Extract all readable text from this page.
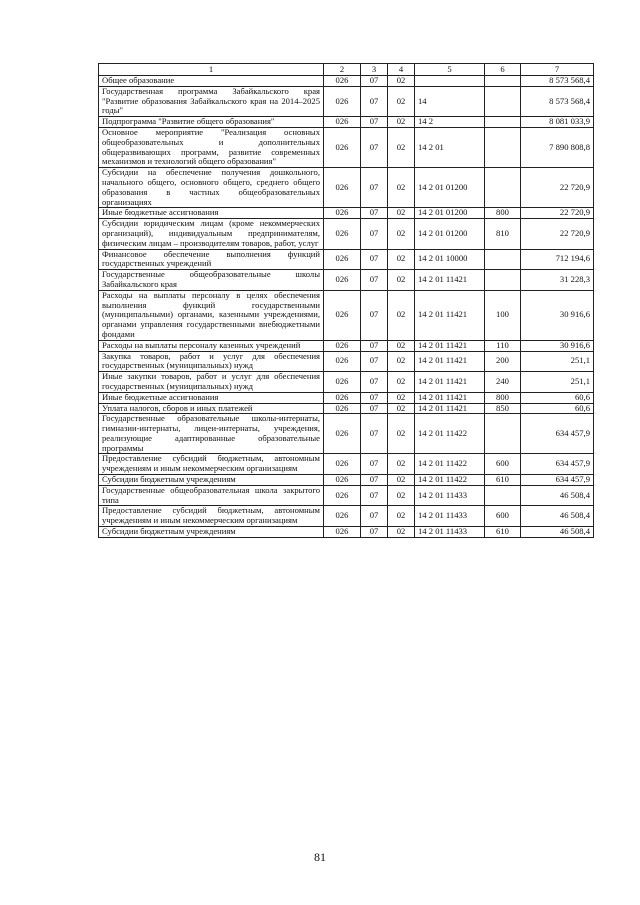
1	2	3	4	5	6	7
Общее образование	026	07	02			8 573 568,4
Государственная программа Забайкальского края "Развитие образования Забайкальского края на 2014–2025 годы"	026	07	02	14		8 573 568,4
Подпрограмма "Развитие общего образования"	026	07	02	14 2		8 081 033,9
Основное мероприятие "Реализация основных общеобразовательных и дополнительных общеразвивающих программ, развитие современных механизмов и технологий общего образования"	026	07	02	14 2 01		7 890 808,8
Субсидии на обеспечение получения дошкольного, начального общего, основного общего, среднего общего образования в частных общеобразовательных организациях	026	07	02	14 2 01 01200		22 720,9
Иные бюджетные ассигнования	026	07	02	14 2 01 01200	800	22 720,9
Субсидии юридическим лицам (кроме некоммерческих организаций), индивидуальным предпринимателям, физическим лицам – производителям товаров, работ, услуг	026	07	02	14 2 01 01200	810	22 720,9
Финансовое обеспечение выполнения функций государственных учреждений	026	07	02	14 2 01 10000		712 194,6
Государственные общеобразовательные школы Забайкальского края	026	07	02	14 2 01 11421		31 228,3
Расходы на выплаты персоналу в целях обеспечения выполнения функций государственными (муниципальными) органами, казенными учреждениями, органами управления государственными внебюджетными фондами	026	07	02	14 2 01 11421	100	30 916,6
Расходы на выплаты персоналу казенных учреждений	026	07	02	14 2 01 11421	110	30 916,6
Закупка товаров, работ и услуг для обеспечения государственных (муниципальных) нужд	026	07	02	14 2 01 11421	200	251,1
Иные закупки товаров, работ и услуг для обеспечения государственных (муниципальных) нужд	026	07	02	14 2 01 11421	240	251,1
Иные бюджетные ассигнования	026	07	02	14 2 01 11421	800	60,6
Уплата налогов, сборов и иных платежей	026	07	02	14 2 01 11421	850	60,6
Государственные образовательные школы-интернаты, гимназии-интернаты, лицеи-интернаты, учреждения, реализующие адаптированные образовательные программы	026	07	02	14 2 01 11422		634 457,9
Предоставление субсидий бюджетным, автономным учреждениям и иным некоммерческим организациям	026	07	02	14 2 01 11422	600	634 457,9
Субсидии бюджетным учреждениям	026	07	02	14 2 01 11422	610	634 457,9
Государственные общеобразовательная школа закрытого типа	026	07	02	14 2 01 11433		46 508,4
Предоставление субсидий бюджетным, автономным учреждениям и иным некоммерческим организациям	026	07	02	14 2 01 11433	600	46 508,4
Субсидии бюджетным учреждениям	026	07	02	14 2 01 11433	610	46 508,4
81
